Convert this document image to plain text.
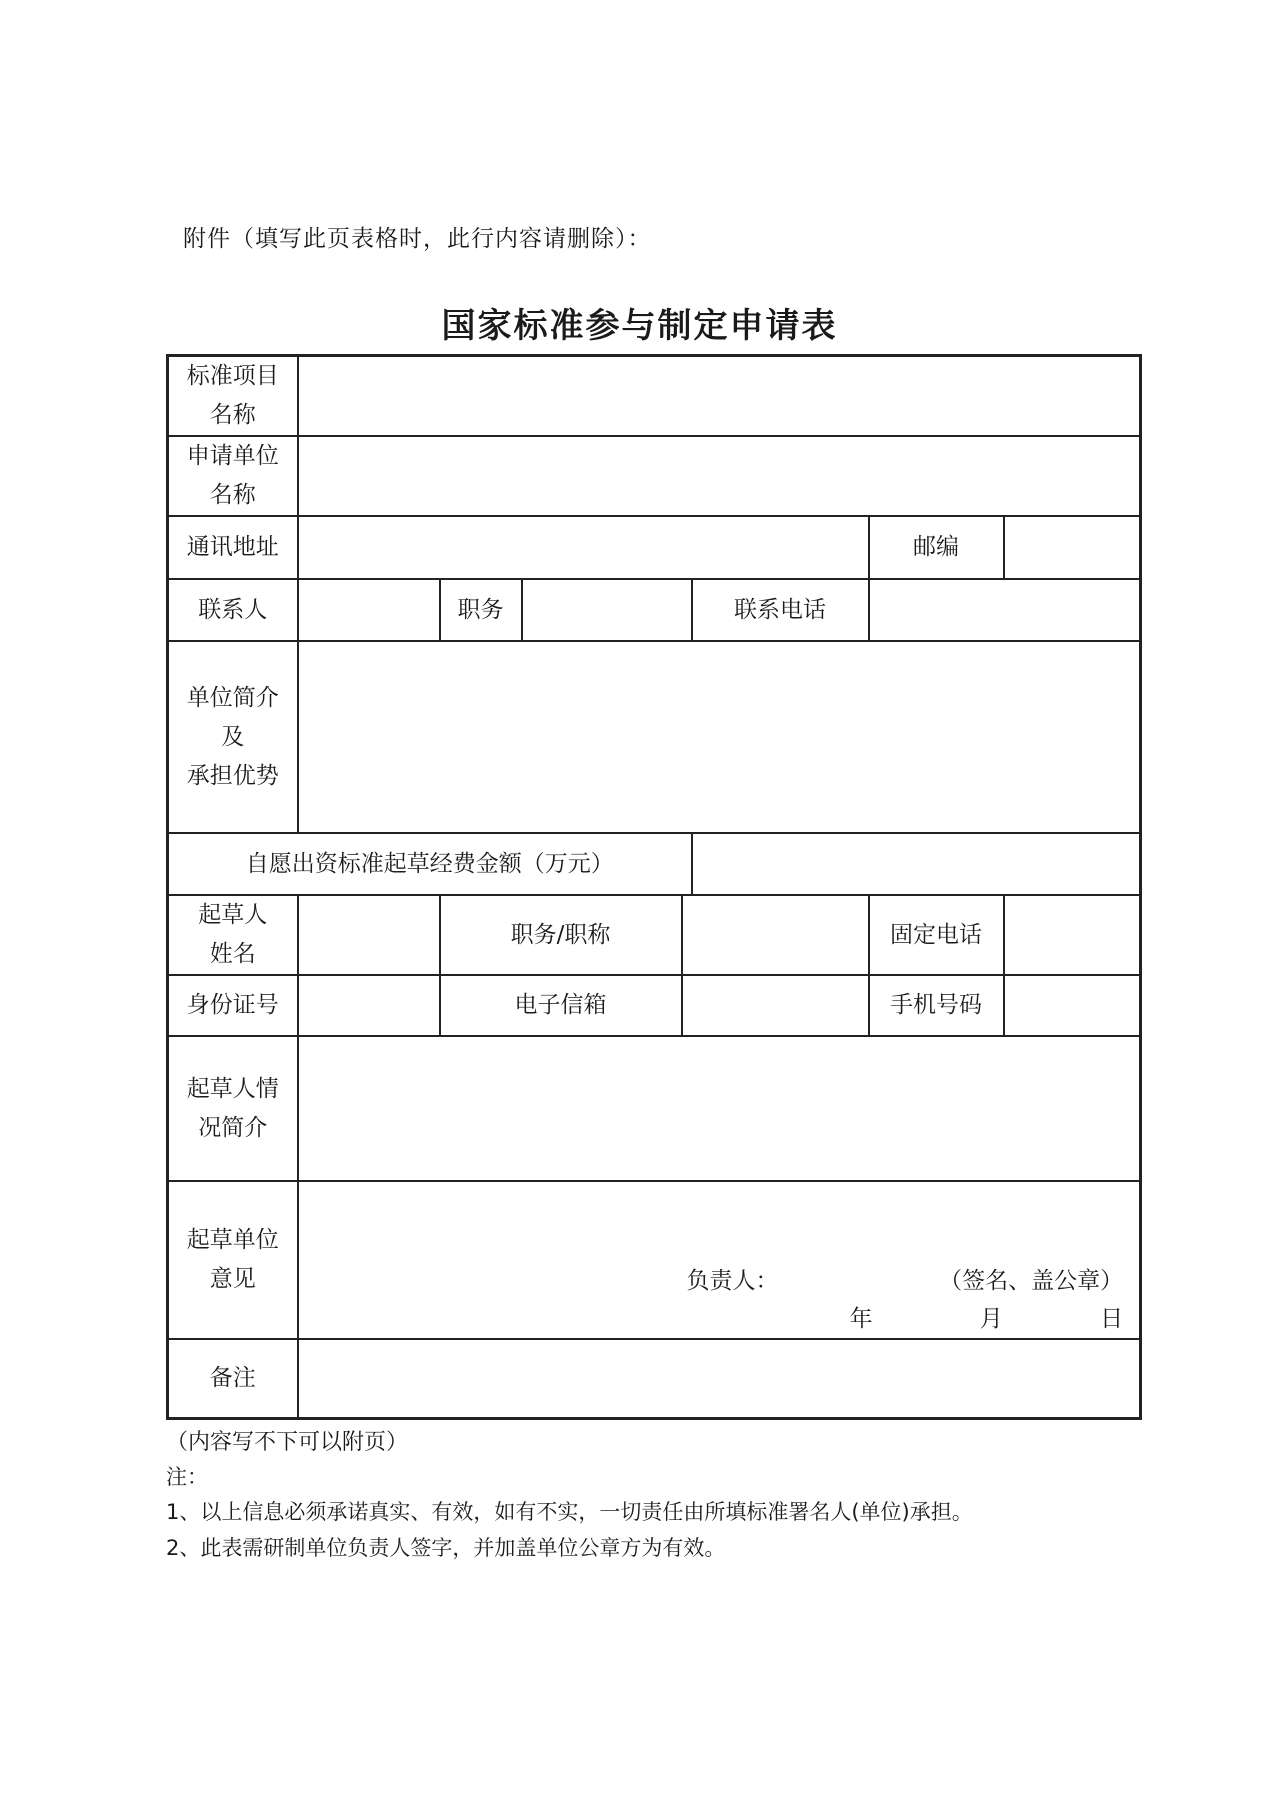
附件（填写此页表格时，此行内容请删除）：
国家标准参与制定申请表
标准项目
名称							
申请单位
名称							
通讯地址						邮编	
联系人		职务			联系电话		
单位简介
及
承担优势							
自愿出资标准起草经费金额（万元）							
起草人
姓名		职务/职称				固定电话	
身份证号		电子信箱				手机号码	
起草人情
况简介							
起草单位
意见	负责人： （签名、盖公章）
年 月 日						

备注							
（内容写不下可以附页）
注：
1、以上信息必须承诺真实、有效，如有不实，一切责任由所填标准署名人(单位)承担。
2、此表需研制单位负责人签字，并加盖单位公章方为有效。
